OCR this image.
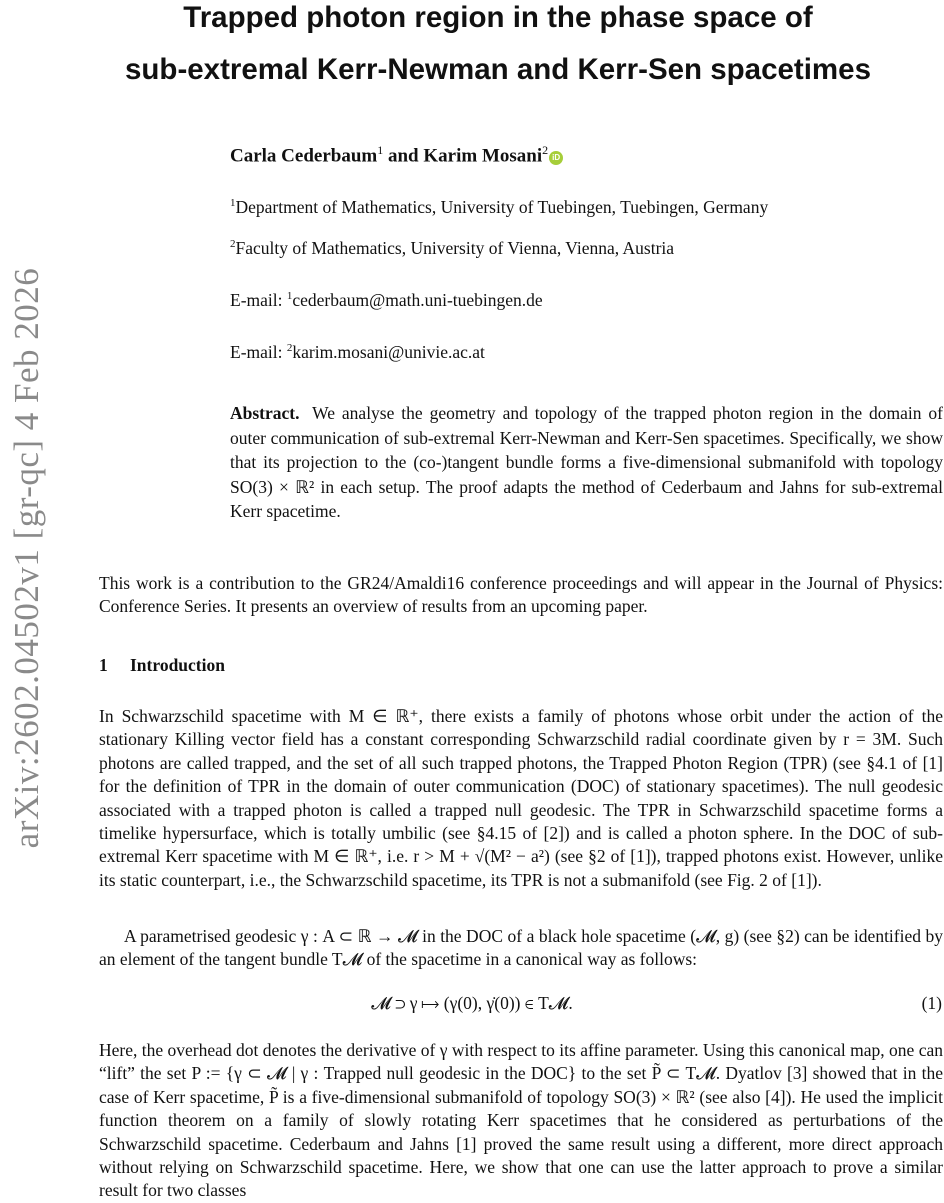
arXiv:2602.04502v1 [gr-qc] 4 Feb 2026
Trapped photon region in the phase space of
sub-extremal Kerr-Newman and Kerr-Sen spacetimes
Carla Cederbaum$^1$ and Karim Mosani$^2$iD
$^1$Department of Mathematics, University of Tuebingen, Tuebingen, Germany
$^2$Faculty of Mathematics, University of Vienna, Vienna, Austria
E-mail: $^1$cederbaum@math.uni-tuebingen.de
E-mail: $^2$karim.mosani@univie.ac.at
Abstract. We analyse the geometry and topology of the trapped photon region in the domain of outer communication of sub-extremal Kerr-Newman and Kerr-Sen spacetimes. Specifically, we show that its projection to the (co-)tangent bundle forms a five-dimensional submanifold with topology SO(3) × ℝ² in each setup. The proof adapts the method of Cederbaum and Jahns for sub-extremal Kerr spacetime.
This work is a contribution to the GR24/Amaldi16 conference proceedings and will appear in the Journal of Physics: Conference Series. It presents an overview of results from an upcoming paper.
1 Introduction
In Schwarzschild spacetime with M ∈ ℝ⁺, there exists a family of photons whose orbit under the action of the stationary Killing vector field has a constant corresponding Schwarzschild radial coordinate given by r = 3M. Such photons are called trapped, and the set of all such trapped photons, the Trapped Photon Region (TPR) (see §4.1 of [1] for the definition of TPR in the domain of outer communication (DOC) of stationary spacetimes). The null geodesic associated with a trapped photon is called a trapped null geodesic. The TPR in Schwarzschild spacetime forms a timelike hypersurface, which is totally umbilic (see §4.15 of [2]) and is called a photon sphere. In the DOC of sub-extremal Kerr spacetime with M ∈ ℝ⁺, i.e. r > M + √(M² − a²) (see §2 of [1]), trapped photons exist. However, unlike its static counterpart, i.e., the Schwarzschild spacetime, its TPR is not a submanifold (see Fig. 2 of [1]).
A parametrised geodesic γ : A ⊂ ℝ → 𝓜 in the DOC of a black hole spacetime (𝓜, g) (see §2) can be identified by an element of the tangent bundle T𝓜 of the spacetime in a canonical way as follows:
𝓜 ⊃ γ ⟼ (γ(0), γ̇(0)) ∈ T𝓜.	(1)
Here, the overhead dot denotes the derivative of γ with respect to its affine parameter. Using this canonical map, one can “lift” the set P := {γ ⊂ 𝓜 | γ : Trapped null geodesic in the DOC} to the set P̃ ⊂ T𝓜. Dyatlov [3] showed that in the case of Kerr spacetime, P̃ is a five-dimensional submanifold of topology SO(3) × ℝ² (see also [4]). He used the implicit function theorem on a family of slowly rotating Kerr spacetimes that he considered as perturbations of the Schwarzschild spacetime. Cederbaum and Jahns [1] proved the same result using a different, more direct approach without relying on Schwarzschild spacetime. Here, we show that one can use the latter approach to prove a similar result for two classes
